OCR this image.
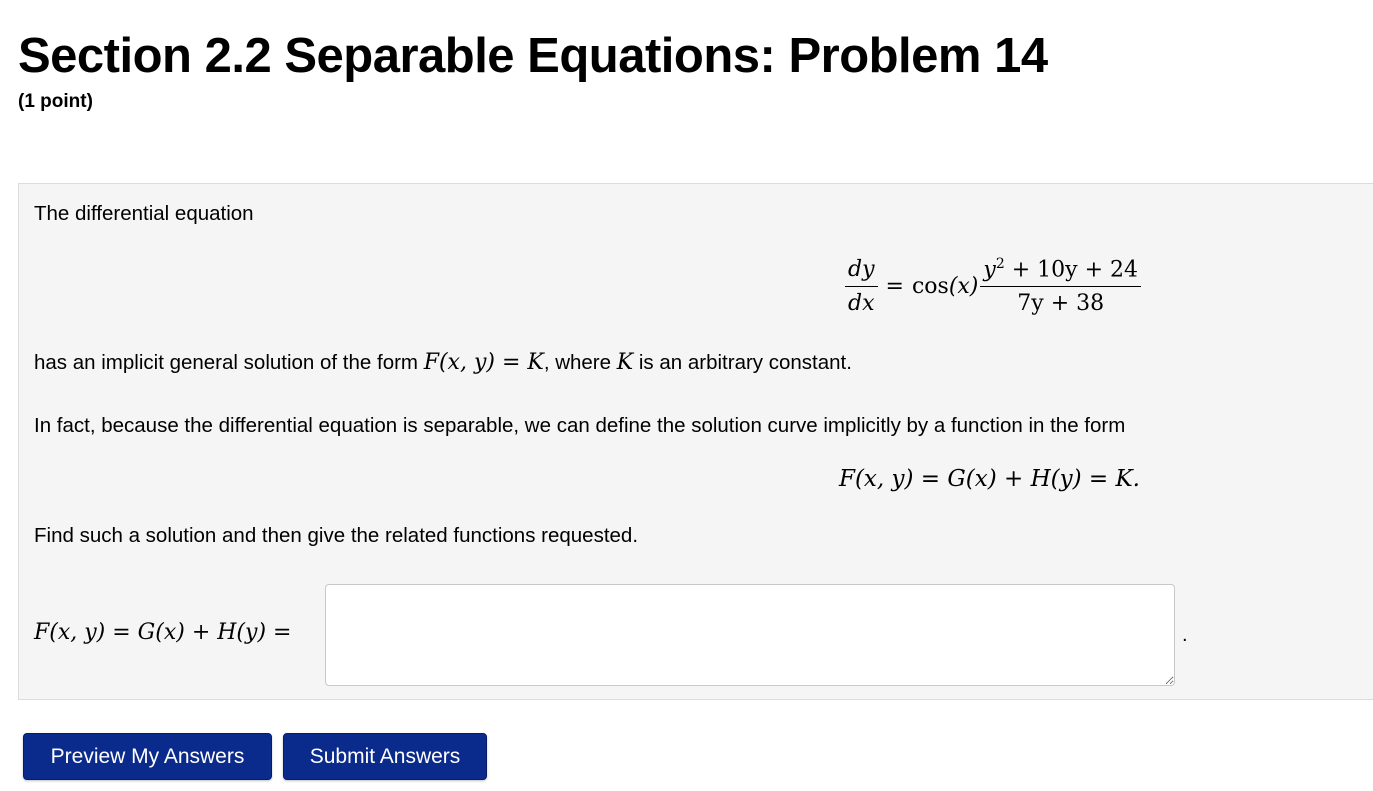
Section 2.2 Separable Equations: Problem 14
(1 point)
The differential equation
$\frac{dy}{dx} = \cos (x) \frac{y^2 + 10y + 24}{7y + 38}$
has an implicit general solution of the form F(x, y) = K, where K is an arbitrary constant.
In fact, because the differential equation is separable, we can define the solution curve implicitly by a function in the form
F(x, y) = G(x) + H(y) = K.
Find such a solution and then give the related functions requested.
F(x, y) = G(x) + H(y) =	.
Preview My Answers	Submit Answers
